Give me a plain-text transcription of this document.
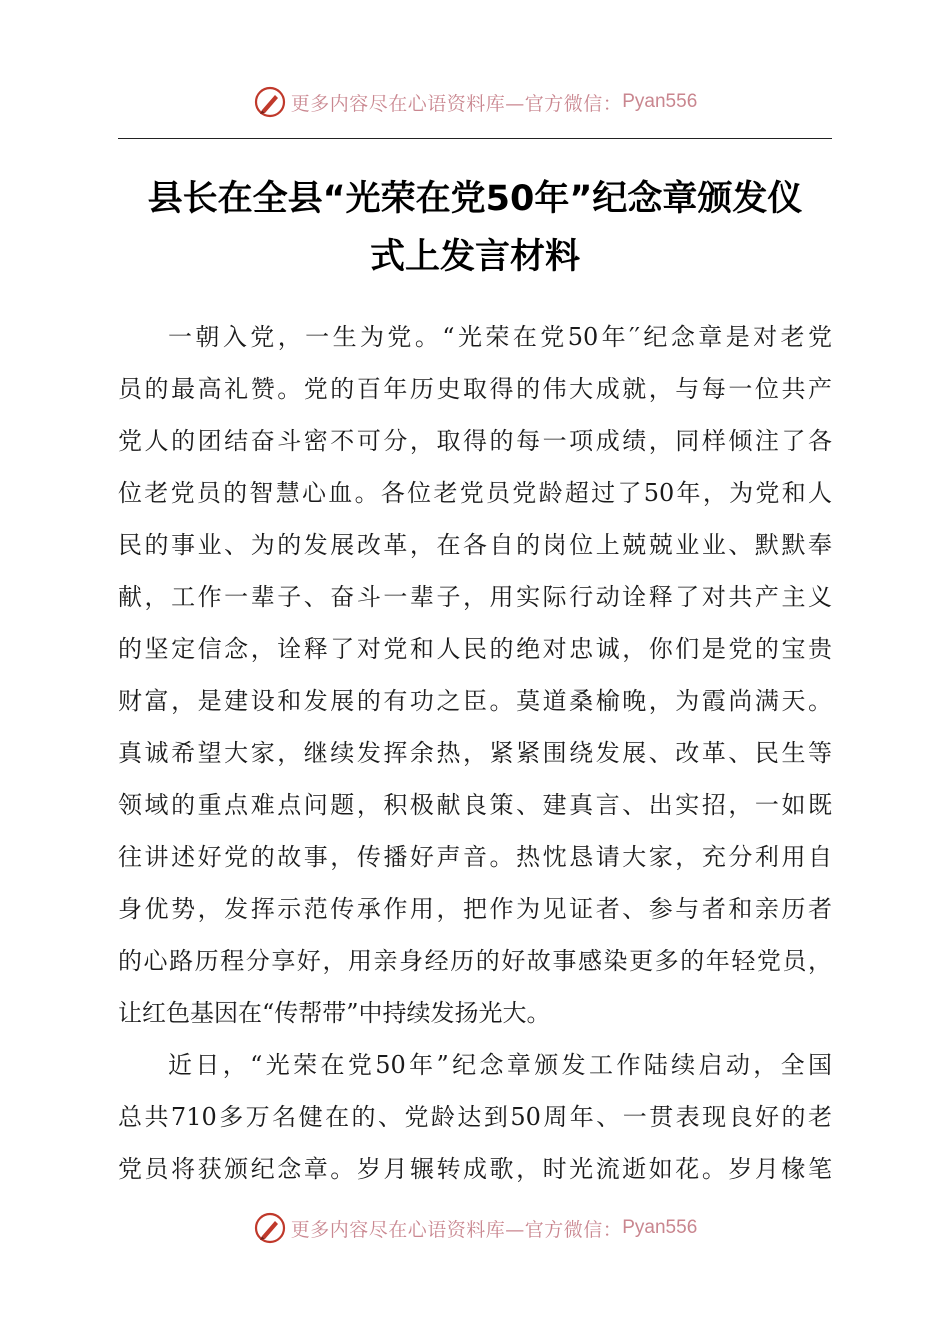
更多内容尽在心语资料库—官方微信： Pyan556
县长在全县“光荣在党50年”纪念章颁发仪
式上发言材料
一朝入党，一生为党。“光荣在党50年′′纪念章是对老党
员的最高礼赞。党的百年历史取得的伟大成就，与每一位共产
党人的团结奋斗密不可分，取得的每一项成绩，同样倾注了各
位老党员的智慧心血。各位老党员党龄超过了50年，为党和人
民的事业、为的发展改革，在各自的岗位上兢兢业业、默默奉
献，工作一辈子、奋斗一辈子，用实际行动诠释了对共产主义
的坚定信念，诠释了对党和人民的绝对忠诚，你们是党的宝贵
财富，是建设和发展的有功之臣。莫道桑榆晚，为霞尚满天。
真诚希望大家，继续发挥余热，紧紧围绕发展、改革、民生等
领域的重点难点问题，积极献良策、建真言、出实招，一如既
往讲述好党的故事，传播好声音。热忱恳请大家，充分利用自
身优势，发挥示范传承作用，把作为见证者、参与者和亲历者
的心路历程分享好，用亲身经历的好故事感染更多的年轻党员，
让红色基因在“传帮带”中持续发扬光大。
近日，“光荣在党50年”纪念章颁发工作陆续启动，全国
总共710多万名健在的、党龄达到50周年、一贯表现良好的老
党员将获颁纪念章。岁月辗转成歌，时光流逝如花。岁月椽笔
更多内容尽在心语资料库—官方微信： Pyan556
